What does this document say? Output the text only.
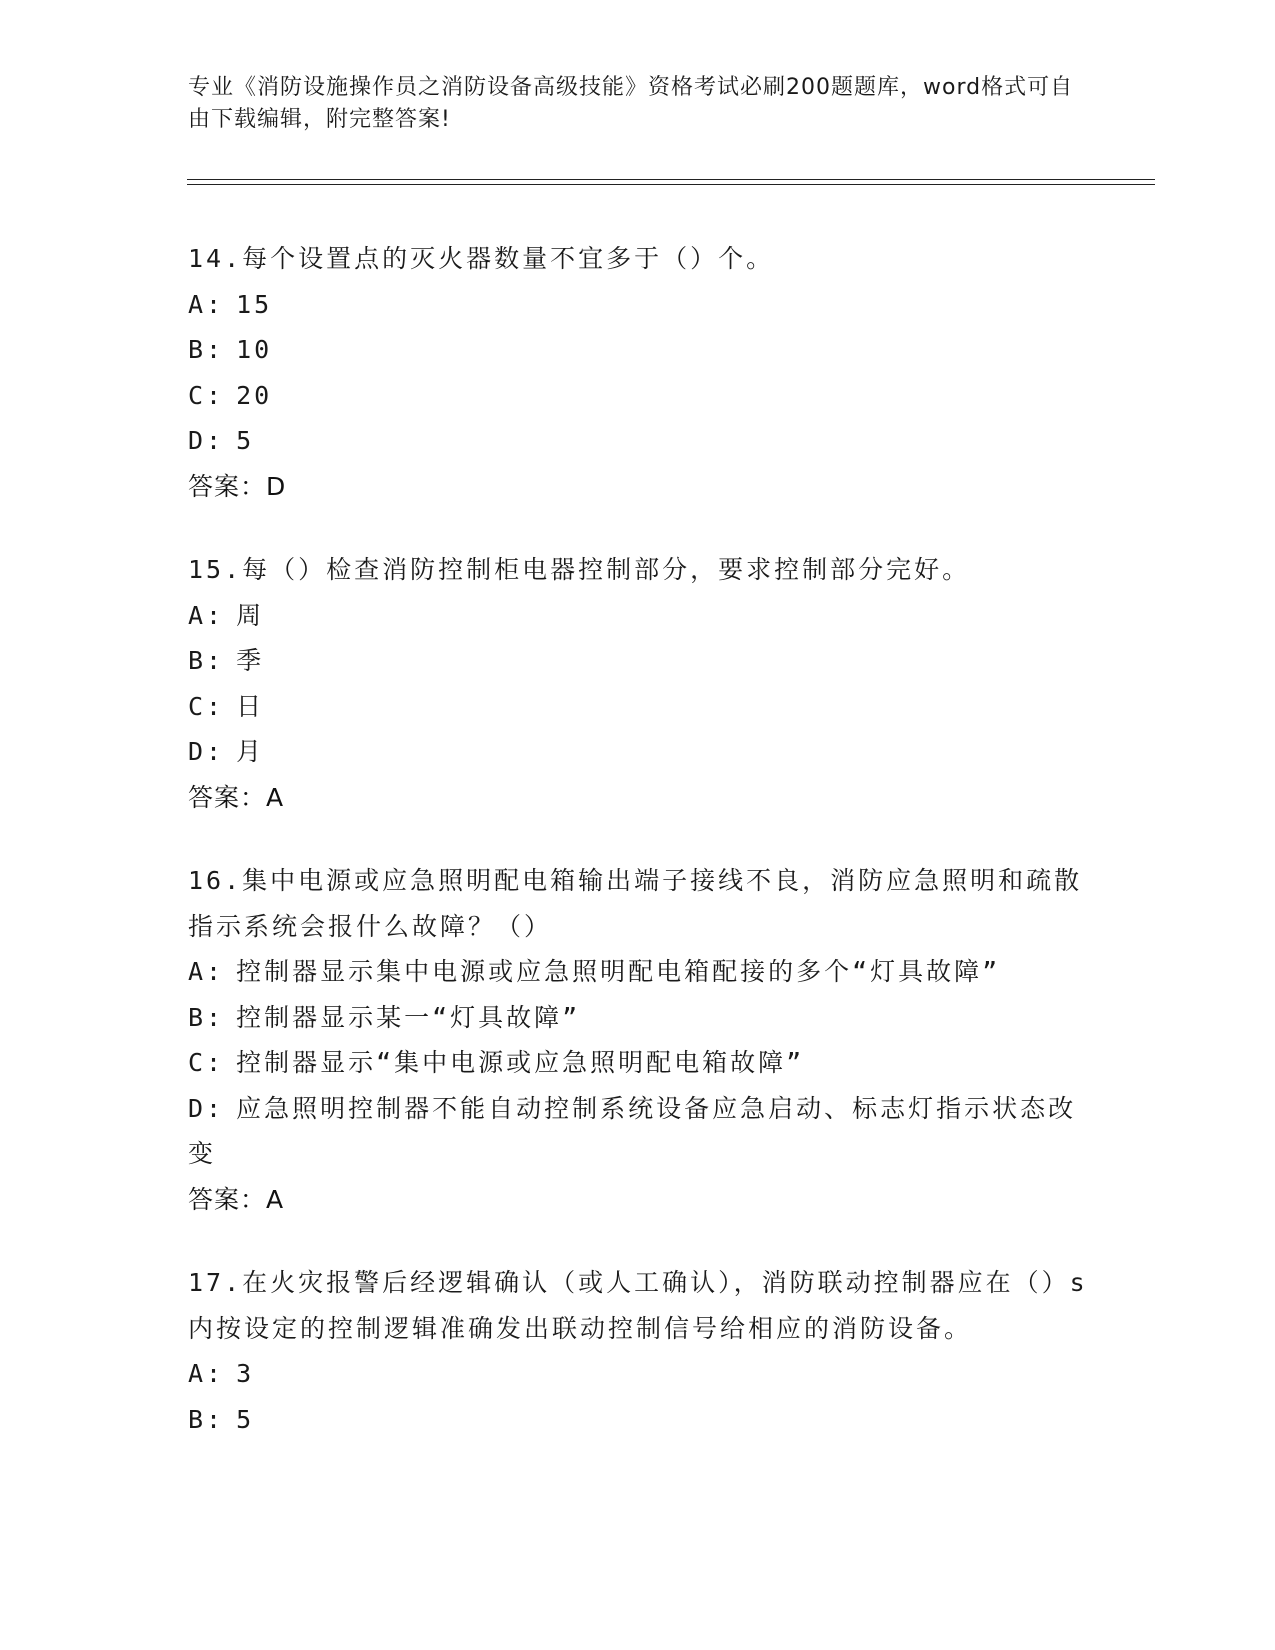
专业《消防设施操作员之消防设备高级技能》资格考试必刷200题题库，word格式可自由下载编辑，附完整答案!
14.每个设置点的灭火器数量不宜多于（）个。
A: 15
B: 10
C: 20
D: 5
答案：D
15.每（）检查消防控制柜电器控制部分，要求控制部分完好。
A: 周
B: 季
C: 日
D: 月
答案：A
16.集中电源或应急照明配电箱输出端子接线不良，消防应急照明和疏散指示系统会报什么故障？（）
A: 控制器显示集中电源或应急照明配电箱配接的多个“灯具故障”
B: 控制器显示某一“灯具故障”
C: 控制器显示“集中电源或应急照明配电箱故障”
D: 应急照明控制器不能自动控制系统设备应急启动、标志灯指示状态改变
答案：A
17.在火灾报警后经逻辑确认（或人工确认），消防联动控制器应在（）s内按设定的控制逻辑准确发出联动控制信号给相应的消防设备。
A: 3
B: 5
